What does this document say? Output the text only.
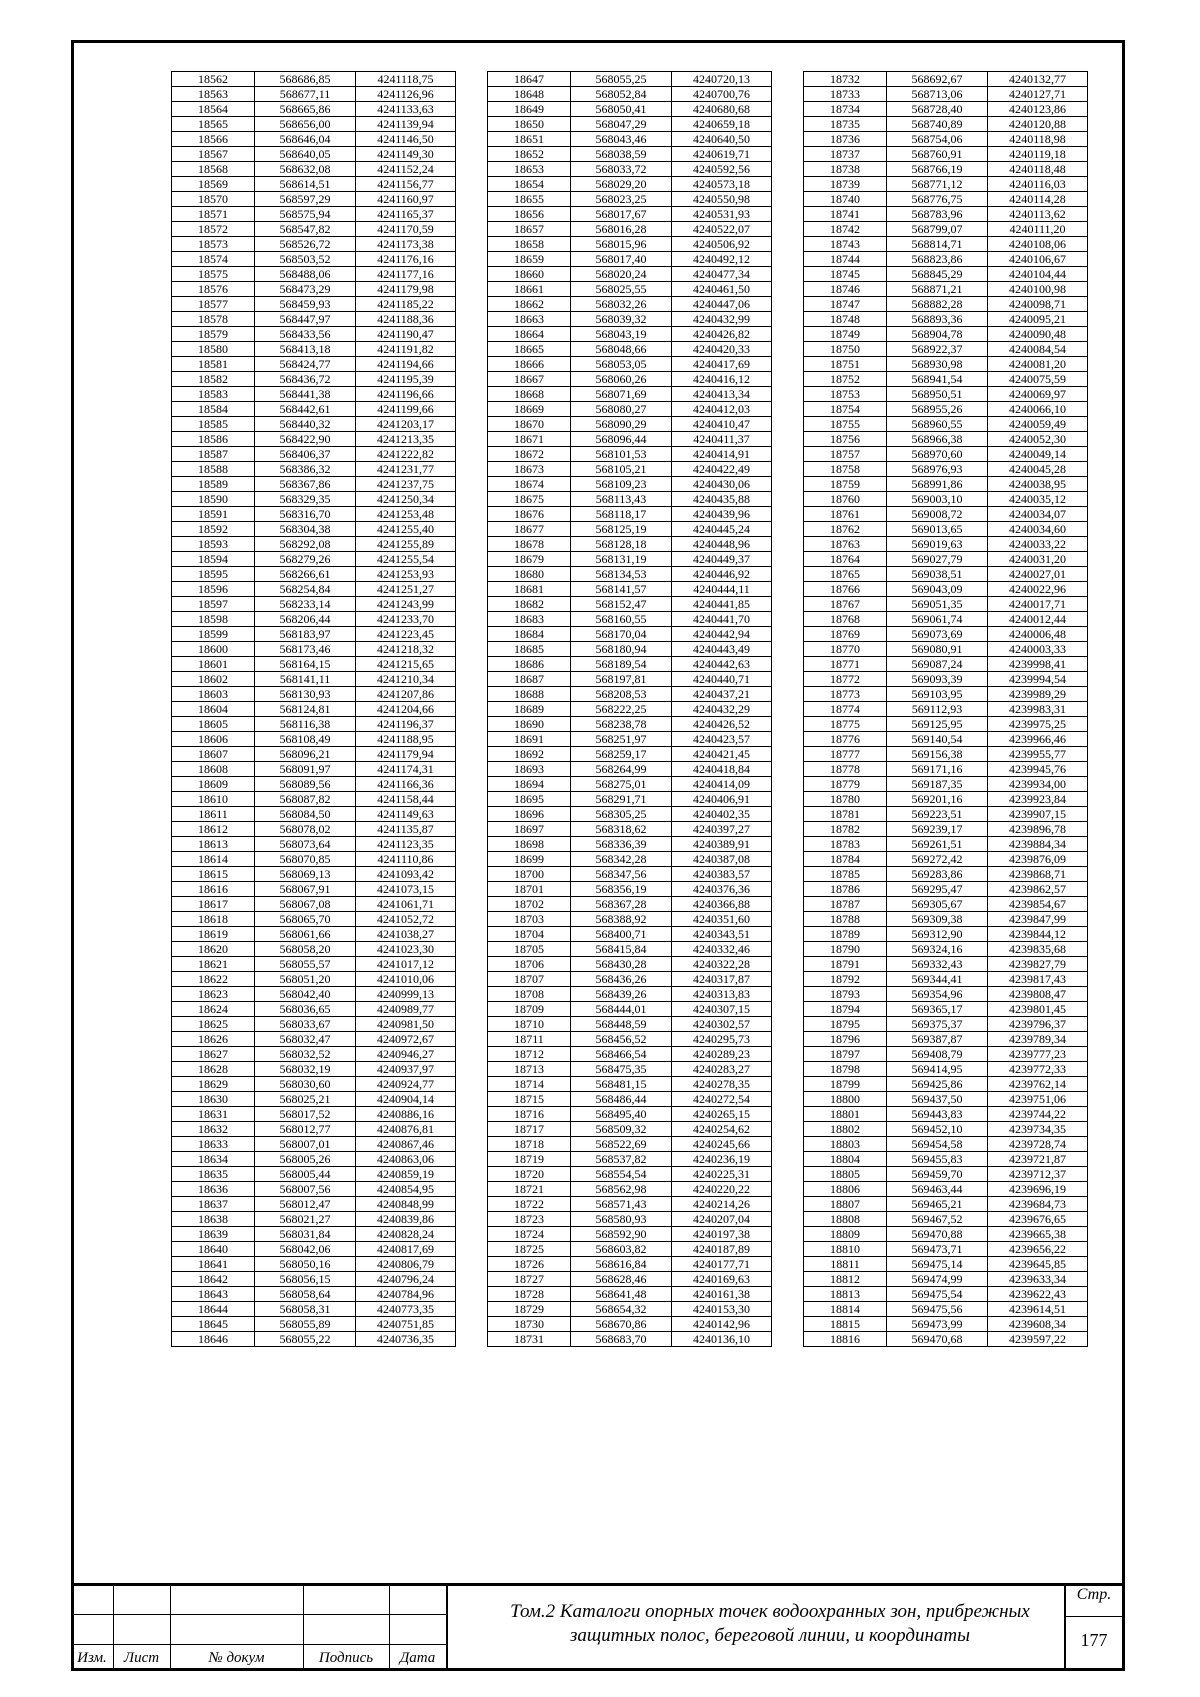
18562	568686,85	4241118,75
18563	568677,11	4241126,96
18564	568665,86	4241133,63
18565	568656,00	4241139,94
18566	568646,04	4241146,50
18567	568640,05	4241149,30
18568	568632,08	4241152,24
18569	568614,51	4241156,77
18570	568597,29	4241160,97
18571	568575,94	4241165,37
18572	568547,82	4241170,59
18573	568526,72	4241173,38
18574	568503,52	4241176,16
18575	568488,06	4241177,16
18576	568473,29	4241179,98
18577	568459,93	4241185,22
18578	568447,97	4241188,36
18579	568433,56	4241190,47
18580	568413,18	4241191,82
18581	568424,77	4241194,66
18582	568436,72	4241195,39
18583	568441,38	4241196,66
18584	568442,61	4241199,66
18585	568440,32	4241203,17
18586	568422,90	4241213,35
18587	568406,37	4241222,82
18588	568386,32	4241231,77
18589	568367,86	4241237,75
18590	568329,35	4241250,34
18591	568316,70	4241253,48
18592	568304,38	4241255,40
18593	568292,08	4241255,89
18594	568279,26	4241255,54
18595	568266,61	4241253,93
18596	568254,84	4241251,27
18597	568233,14	4241243,99
18598	568206,44	4241233,70
18599	568183,97	4241223,45
18600	568173,46	4241218,32
18601	568164,15	4241215,65
18602	568141,11	4241210,34
18603	568130,93	4241207,86
18604	568124,81	4241204,66
18605	568116,38	4241196,37
18606	568108,49	4241188,95
18607	568096,21	4241179,94
18608	568091,97	4241174,31
18609	568089,56	4241166,36
18610	568087,82	4241158,44
18611	568084,50	4241149,63
18612	568078,02	4241135,87
18613	568073,64	4241123,35
18614	568070,85	4241110,86
18615	568069,13	4241093,42
18616	568067,91	4241073,15
18617	568067,08	4241061,71
18618	568065,70	4241052,72
18619	568061,66	4241038,27
18620	568058,20	4241023,30
18621	568055,57	4241017,12
18622	568051,20	4241010,06
18623	568042,40	4240999,13
18624	568036,65	4240989,77
18625	568033,67	4240981,50
18626	568032,47	4240972,67
18627	568032,52	4240946,27
18628	568032,19	4240937,97
18629	568030,60	4240924,77
18630	568025,21	4240904,14
18631	568017,52	4240886,16
18632	568012,77	4240876,81
18633	568007,01	4240867,46
18634	568005,26	4240863,06
18635	568005,44	4240859,19
18636	568007,56	4240854,95
18637	568012,47	4240848,99
18638	568021,27	4240839,86
18639	568031,84	4240828,24
18640	568042,06	4240817,69
18641	568050,16	4240806,79
18642	568056,15	4240796,24
18643	568058,64	4240784,96
18644	568058,31	4240773,35
18645	568055,89	4240751,85
18646	568055,22	4240736,35
18647	568055,25	4240720,13
18648	568052,84	4240700,76
18649	568050,41	4240680,68
18650	568047,29	4240659,18
18651	568043,46	4240640,50
18652	568038,59	4240619,71
18653	568033,72	4240592,56
18654	568029,20	4240573,18
18655	568023,25	4240550,98
18656	568017,67	4240531,93
18657	568016,28	4240522,07
18658	568015,96	4240506,92
18659	568017,40	4240492,12
18660	568020,24	4240477,34
18661	568025,55	4240461,50
18662	568032,26	4240447,06
18663	568039,32	4240432,99
18664	568043,19	4240426,82
18665	568048,66	4240420,33
18666	568053,05	4240417,69
18667	568060,26	4240416,12
18668	568071,69	4240413,34
18669	568080,27	4240412,03
18670	568090,29	4240410,47
18671	568096,44	4240411,37
18672	568101,53	4240414,91
18673	568105,21	4240422,49
18674	568109,23	4240430,06
18675	568113,43	4240435,88
18676	568118,17	4240439,96
18677	568125,19	4240445,24
18678	568128,18	4240448,96
18679	568131,19	4240449,37
18680	568134,53	4240446,92
18681	568141,57	4240444,11
18682	568152,47	4240441,85
18683	568160,55	4240441,70
18684	568170,04	4240442,94
18685	568180,94	4240443,49
18686	568189,54	4240442,63
18687	568197,81	4240440,71
18688	568208,53	4240437,21
18689	568222,25	4240432,29
18690	568238,78	4240426,52
18691	568251,97	4240423,57
18692	568259,17	4240421,45
18693	568264,99	4240418,84
18694	568275,01	4240414,09
18695	568291,71	4240406,91
18696	568305,25	4240402,35
18697	568318,62	4240397,27
18698	568336,39	4240389,91
18699	568342,28	4240387,08
18700	568347,56	4240383,57
18701	568356,19	4240376,36
18702	568367,28	4240366,88
18703	568388,92	4240351,60
18704	568400,71	4240343,51
18705	568415,84	4240332,46
18706	568430,28	4240322,28
18707	568436,26	4240317,87
18708	568439,26	4240313,83
18709	568444,01	4240307,15
18710	568448,59	4240302,57
18711	568456,52	4240295,73
18712	568466,54	4240289,23
18713	568475,35	4240283,27
18714	568481,15	4240278,35
18715	568486,44	4240272,54
18716	568495,40	4240265,15
18717	568509,32	4240254,62
18718	568522,69	4240245,66
18719	568537,82	4240236,19
18720	568554,54	4240225,31
18721	568562,98	4240220,22
18722	568571,43	4240214,26
18723	568580,93	4240207,04
18724	568592,90	4240197,38
18725	568603,82	4240187,89
18726	568616,84	4240177,71
18727	568628,46	4240169,63
18728	568641,48	4240161,38
18729	568654,32	4240153,30
18730	568670,86	4240142,96
18731	568683,70	4240136,10
18732	568692,67	4240132,77
18733	568713,06	4240127,71
18734	568728,40	4240123,86
18735	568740,89	4240120,88
18736	568754,06	4240118,98
18737	568760,91	4240119,18
18738	568766,19	4240118,48
18739	568771,12	4240116,03
18740	568776,75	4240114,28
18741	568783,96	4240113,62
18742	568799,07	4240111,20
18743	568814,71	4240108,06
18744	568823,86	4240106,67
18745	568845,29	4240104,44
18746	568871,21	4240100,98
18747	568882,28	4240098,71
18748	568893,36	4240095,21
18749	568904,78	4240090,48
18750	568922,37	4240084,54
18751	568930,98	4240081,20
18752	568941,54	4240075,59
18753	568950,51	4240069,97
18754	568955,26	4240066,10
18755	568960,55	4240059,49
18756	568966,38	4240052,30
18757	568970,60	4240049,14
18758	568976,93	4240045,28
18759	568991,86	4240038,95
18760	569003,10	4240035,12
18761	569008,72	4240034,07
18762	569013,65	4240034,60
18763	569019,63	4240033,22
18764	569027,79	4240031,20
18765	569038,51	4240027,01
18766	569043,09	4240022,96
18767	569051,35	4240017,71
18768	569061,74	4240012,44
18769	569073,69	4240006,48
18770	569080,91	4240003,33
18771	569087,24	4239998,41
18772	569093,39	4239994,54
18773	569103,95	4239989,29
18774	569112,93	4239983,31
18775	569125,95	4239975,25
18776	569140,54	4239966,46
18777	569156,38	4239955,77
18778	569171,16	4239945,76
18779	569187,35	4239934,00
18780	569201,16	4239923,84
18781	569223,51	4239907,15
18782	569239,17	4239896,78
18783	569261,51	4239884,34
18784	569272,42	4239876,09
18785	569283,86	4239868,71
18786	569295,47	4239862,57
18787	569305,67	4239854,67
18788	569309,38	4239847,99
18789	569312,90	4239844,12
18790	569324,16	4239835,68
18791	569332,43	4239827,79
18792	569344,41	4239817,43
18793	569354,96	4239808,47
18794	569365,17	4239801,45
18795	569375,37	4239796,37
18796	569387,87	4239789,34
18797	569408,79	4239777,23
18798	569414,95	4239772,33
18799	569425,86	4239762,14
18800	569437,50	4239751,06
18801	569443,83	4239744,22
18802	569452,10	4239734,35
18803	569454,58	4239728,74
18804	569455,83	4239721,87
18805	569459,70	4239712,37
18806	569463,44	4239696,19
18807	569465,21	4239684,73
18808	569467,52	4239676,65
18809	569470,88	4239665,38
18810	569473,71	4239656,22
18811	569475,14	4239645,85
18812	569474,99	4239633,34
18813	569475,54	4239622,43
18814	569475,56	4239614,51
18815	569473,99	4239608,34
18816	569470,68	4239597,22
Изм.	Лист	№ докум	Подпись	Дата
Том.2 Каталоги опорных точек водоохранных зон, прибрежных защитных полос, береговой линии, и координаты
Стр.
177
